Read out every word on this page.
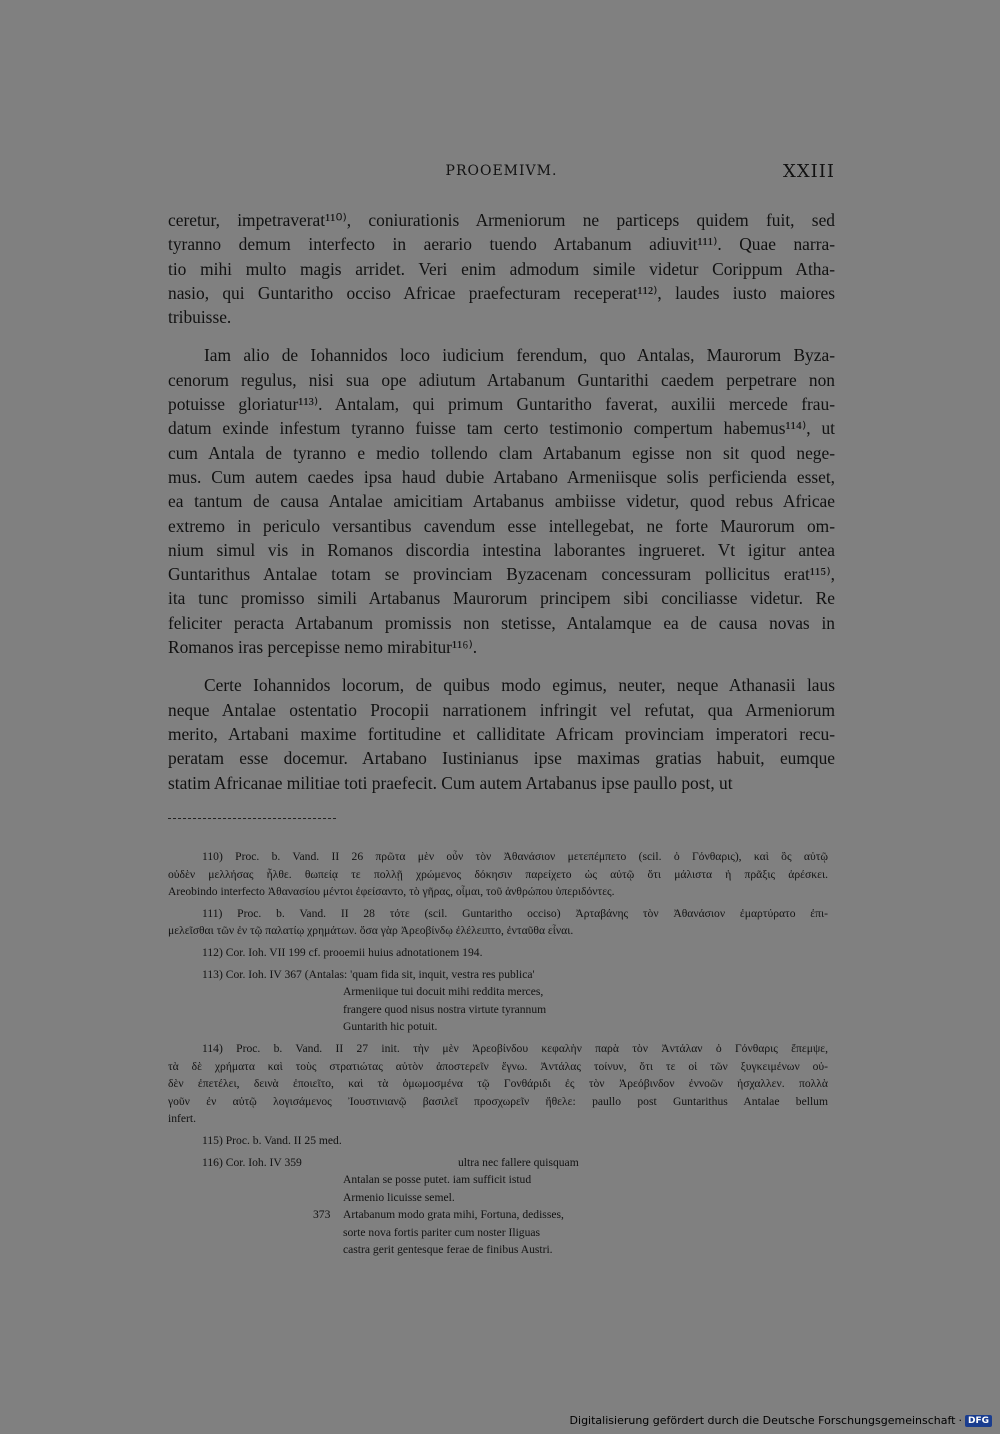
PROOEMIVM.	XXIII
ceretur, impetraverat¹¹⁰⁾, coniurationis Armeniorum ne particeps quidem fuit, sed
tyranno demum interfecto in aerario tuendo Artabanum adiuvit¹¹¹⁾. Quae narra-
tio mihi multo magis arridet. Veri enim admodum simile videtur Corippum Atha-
nasio, qui Guntaritho occiso Africae praefecturam receperat¹¹²⁾, laudes iusto maiores
tribuisse.
Iam alio de Iohannidos loco iudicium ferendum, quo Antalas, Maurorum Byza-
cenorum regulus, nisi sua ope adiutum Artabanum Guntarithi caedem perpetrare non
potuisse gloriatur¹¹³⁾. Antalam, qui primum Guntaritho faverat, auxilii mercede frau-
datum exinde infestum tyranno fuisse tam certo testimonio compertum habemus¹¹⁴⁾, ut
cum Antala de tyranno e medio tollendo clam Artabanum egisse non sit quod nege-
mus. Cum autem caedes ipsa haud dubie Artabano Armeniisque solis perficienda esset,
ea tantum de causa Antalae amicitiam Artabanus ambiisse videtur, quod rebus Africae
extremo in periculo versantibus cavendum esse intellegebat, ne forte Maurorum om-
nium simul vis in Romanos discordia intestina laborantes ingrueret. Vt igitur antea
Guntarithus Antalae totam se provinciam Byzacenam concessuram pollicitus erat¹¹⁵⁾,
ita tunc promisso simili Artabanus Maurorum principem sibi conciliasse videtur. Re
feliciter peracta Artabanum promissis non stetisse, Antalamque ea de causa novas in
Romanos iras percepisse nemo mirabitur¹¹⁶⁾.
Certe Iohannidos locorum, de quibus modo egimus, neuter, neque Athanasii laus
neque Antalae ostentatio Procopii narrationem infringit vel refutat, qua Armeniorum
merito, Artabani maxime fortitudine et calliditate Africam provinciam imperatori recu-
peratam esse docemur. Artabano Iustinianus ipse maximas gratias habuit, eumque
statim Africanae militiae toti praefecit. Cum autem Artabanus ipse paullo post, ut
110) Proc. b. Vand. II 26 πρῶτα μὲν οὖν τὸν Ἀθανάσιον μετεπέμπετο (scil. ὁ Γόνθαρις), καὶ ὃς αὐτῷ
οὐδὲν μελλήσας ἦλθε. θωπείᾳ τε πολλῇ χρώμενος δόκησιν παρείχετο ὡς αὐτῷ ὅτι μάλιστα ἡ πρᾶξις ἀρέσκει.
Areobindo interfecto Ἀθανασίου μέντοι ἐφείσαντο, τὸ γῆρας, οἶμαι, τοῦ ἀνθρώπου ὑπεριδόντες.
111) Proc. b. Vand. II 28 τότε (scil. Guntaritho occiso) Ἀρταβάνης τὸν Ἀθανάσιον ἐμαρτύρατο ἐπι-
μελεῖσθαι τῶν ἐν τῷ παλατίῳ χρημάτων. ὅσα γὰρ Ἀρεοβίνδῳ ἐλέλειπτο, ἐνταῦθα εἶναι.
112) Cor. Ioh. VII 199 cf. prooemii huius adnotationem 194.
113) Cor. Ioh. IV 367 (Antalas: 'quam fida sit, inquit, vestra res publica'
Armeniique tui docuit mihi reddita merces,
frangere quod nisus nostra virtute tyrannum
Guntarith hic potuit.
114) Proc. b. Vand. II 27 init. τὴν μὲν Ἀρεοβίνδου κεφαλὴν παρὰ τὸν Ἀντάλαν ὁ Γόνθαρις ἔπεμψε,
τὰ δὲ χρήματα καὶ τοὺς στρατιώτας αὐτὸν ἀποστερεῖν ἔγνω. Ἀντάλας τοίνυν, ὅτι τε οἱ τῶν ξυγκειμένων οὐ-
δὲν ἐπετέλει, δεινὰ ἐποιεῖτο, καὶ τὰ ὁμωμοσμένα τῷ Γονθάριδι ἐς τὸν Ἀρεόβινδον ἐννοῶν ἠσχαλλεν. πολλὰ
γοῦν ἐν αὐτῷ λογισάμενος Ἰουστινιανῷ βασιλεῖ προσχωρεῖν ἤθελε: paullo post Guntarithus Antalae bellum
infert.
115) Proc. b. Vand. II 25 med.
116) Cor. Ioh. IV 359	ultra nec fallere quisquam
Antalan se posse putet. iam sufficit istud
Armenio licuisse semel.
373 Artabanum modo grata mihi, Fortuna, dedisses,
sorte nova fortis pariter cum noster Iliguas
castra gerit gentesque ferae de finibus Austri.
Digitalisierung gefördert durch die Deutsche Forschungsgemeinschaft · DFG
